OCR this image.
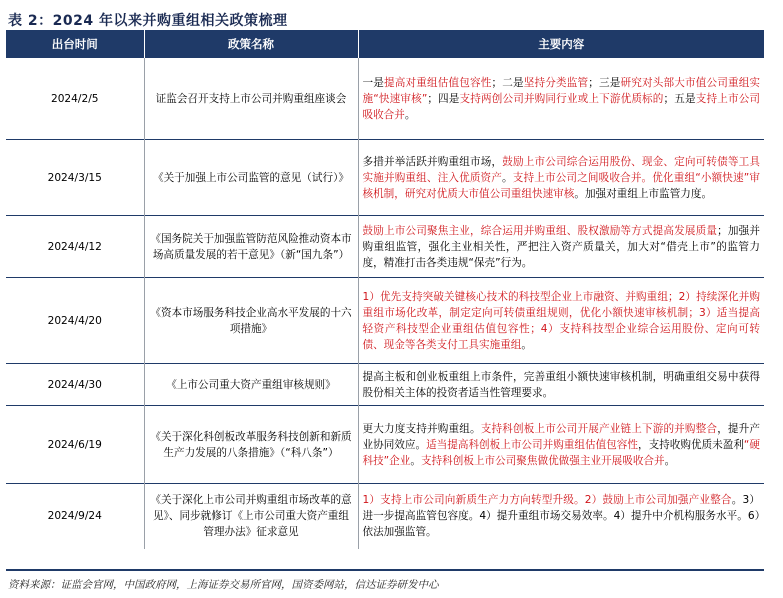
表 2：2024 年以来并购重组相关政策梳理
出台时间	政策名称	主要内容
2024/2/5	证监会召开支持上市公司并购重组座谈会	一是提高对重组估值包容性；二是坚持分类监管；三是研究对头部大市值公司重组实施“快速审核”；四是支持两创公司并购同行业或上下游优质标的；五是支持上市公司吸收合并。
2024/3/15	《关于加强上市公司监管的意见（试行）》	多措并举活跃并购重组市场，鼓励上市公司综合运用股份、现金、定向可转债等工具实施并购重组、注入优质资产。支持上市公司之间吸收合并。优化重组“小额快速”审核机制，研究对优质大市值公司重组快速审核。加强对重组上市监管力度。
2024/4/12	《国务院关于加强监管防范风险推动资本市场高质量发展的若干意见》（新“国九条”）	鼓励上市公司聚焦主业，综合运用并购重组、股权激励等方式提高发展质量；加强并购重组监管，强化主业相关性，严把注入资产质量关，加大对“借壳上市”的监管力度，精准打击各类违规“保壳”行为。
2024/4/20	《资本市场服务科技企业高水平发展的十六项措施》	1）优先支持突破关键核心技术的科技型企业上市融资、并购重组；2）持续深化并购重组市场化改革，制定定向可转债重组规则，优化小额快速审核机制；3）适当提高轻资产科技型企业重组估值包容性；4）支持科技型企业综合运用股份、定向可转债、现金等各类支付工具实施重组。
2024/4/30	《上市公司重大资产重组审核规则》	提高主板和创业板重组上市条件，完善重组小额快速审核机制，明确重组交易中获得股份相关主体的投资者适当性管理要求。
2024/6/19	《关于深化科创板改革服务科技创新和新质生产力发展的八条措施》（“科八条”）	更大力度支持并购重组。支持科创板上市公司开展产业链上下游的并购整合，提升产业协同效应。适当提高科创板上市公司并购重组估值包容性，支持收购优质未盈利“硬科技”企业。支持科创板上市公司聚焦做优做强主业开展吸收合并。
2024/9/24	《关于深化上市公司并购重组市场改革的意见》、同步就修订《上市公司重大资产重组管理办法》征求意见	1）支持上市公司向新质生产力方向转型升级。2）鼓励上市公司加强产业整合。3）进一步提高监管包容度。4）提升重组市场交易效率。4）提升中介机构服务水平。6）依法加强监管。
资料来源：证监会官网，中国政府网，上海证券交易所官网，国资委网站，信达证券研发中心
